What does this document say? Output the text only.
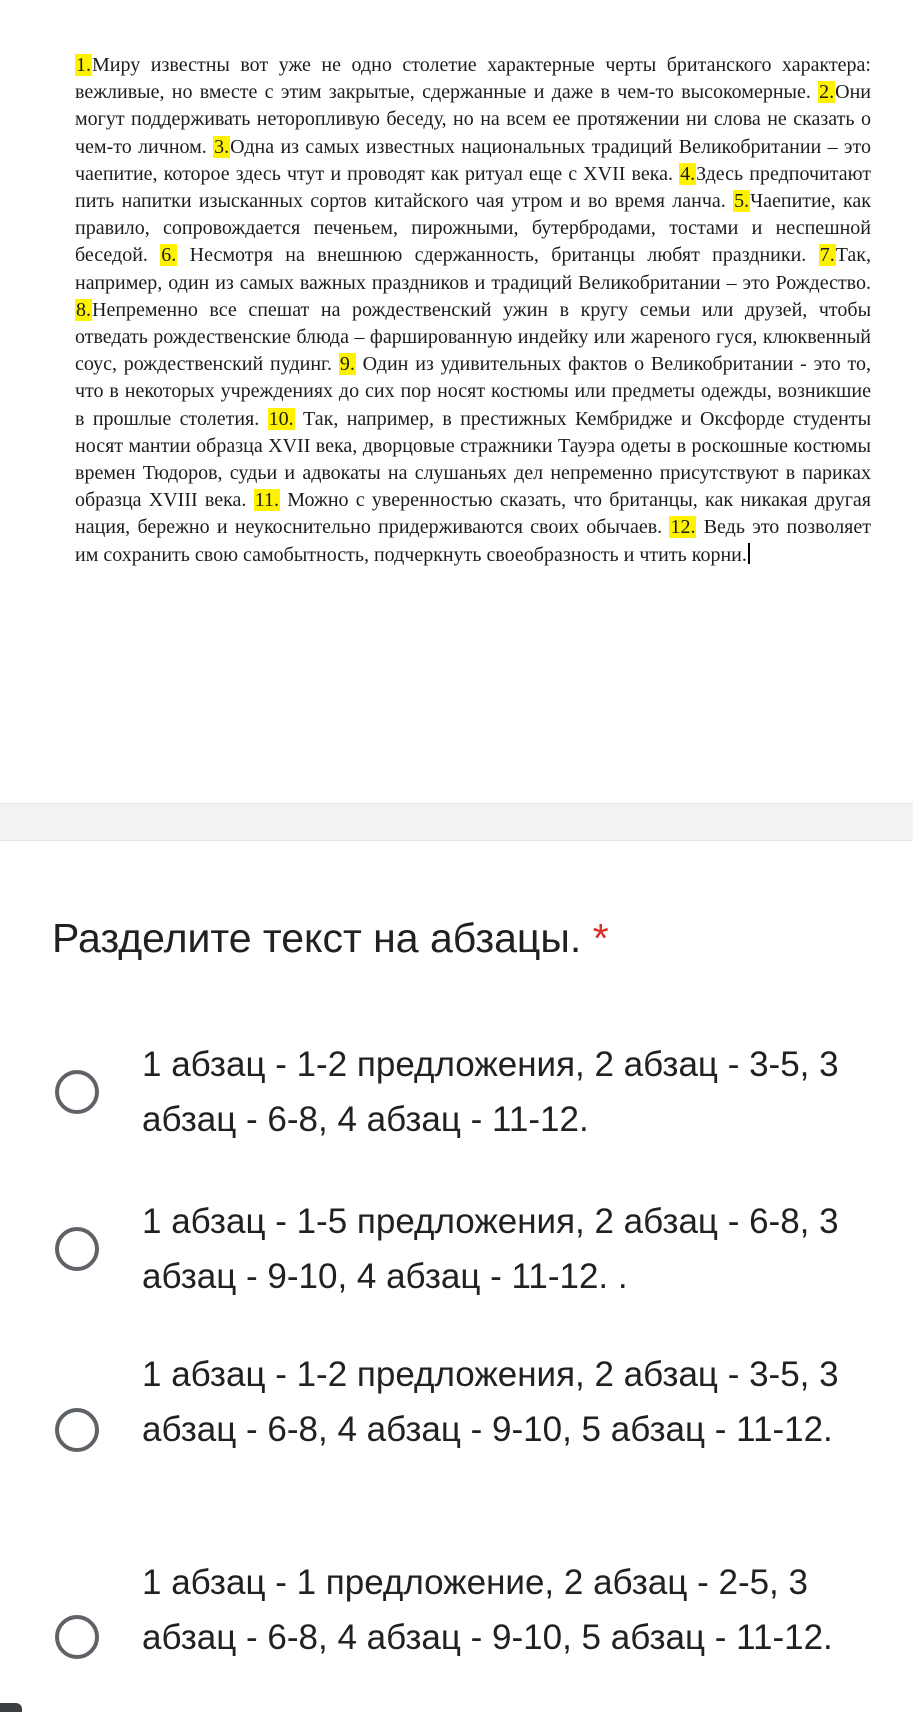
1.Миру известны вот уже не одно столетие характерные черты британского характера: вежливые, но вместе с этим закрытые, сдержанные и даже в чем-то высокомерные. 2.Они могут поддерживать неторопливую беседу, но на всем ее протяжении ни слова не сказать о чем-то личном. 3.Одна из самых известных национальных традиций Великобритании – это чаепитие, которое здесь чтут и проводят как ритуал еще с XVII века. 4.Здесь предпочитают пить напитки изысканных сортов китайского чая утром и во время ланча. 5.Чаепитие, как правило, сопровождается печеньем, пирожными, бутербродами, тостами и неспешной беседой. 6. Несмотря на внешнюю сдержанность, британцы любят праздники. 7.Так, например, один из самых важных праздников и традиций Великобритании – это Рождество. 8.Непременно все спешат на рождественский ужин в кругу семьи или друзей, чтобы отведать рождественские блюда – фаршированную индейку или жареного гуся, клюквенный соус, рождественский пудинг. 9. Один из удивительных фактов о Великобритании - это то, что в некоторых учреждениях до сих пор носят костюмы или предметы одежды, возникшие в прошлые столетия. 10. Так, например, в престижных Кембридже и Оксфорде студенты носят мантии образца XVII века, дворцовые стражники Тауэра одеты в роскошные костюмы времен Тюдоров, судьи и адвокаты на слушаньях дел непременно присутствуют в париках образца XVIII века. 11. Можно с уверенностью сказать, что британцы, как никакая другая нация, бережно и неукоснительно придерживаются своих обычаев. 12. Ведь это позволяет им сохранить свою самобытность, подчеркнуть своеобразность и чтить корни.

Разделите текст на абзацы. *
1 абзац - 1-2 предложения, 2 абзац - 3-5, 3 абзац - 6-8, 4 абзац - 11-12.
1 абзац - 1-5 предложения, 2 абзац - 6-8, 3 абзац - 9-10, 4 абзац - 11-12. .
1 абзац - 1-2 предложения, 2 абзац - 3-5, 3 абзац - 6-8, 4 абзац - 9-10, 5 абзац - 11-12.
1 абзац - 1 предложение, 2 абзац - 2-5, 3 абзац - 6-8, 4 абзац - 9-10, 5 абзац - 11-12.
